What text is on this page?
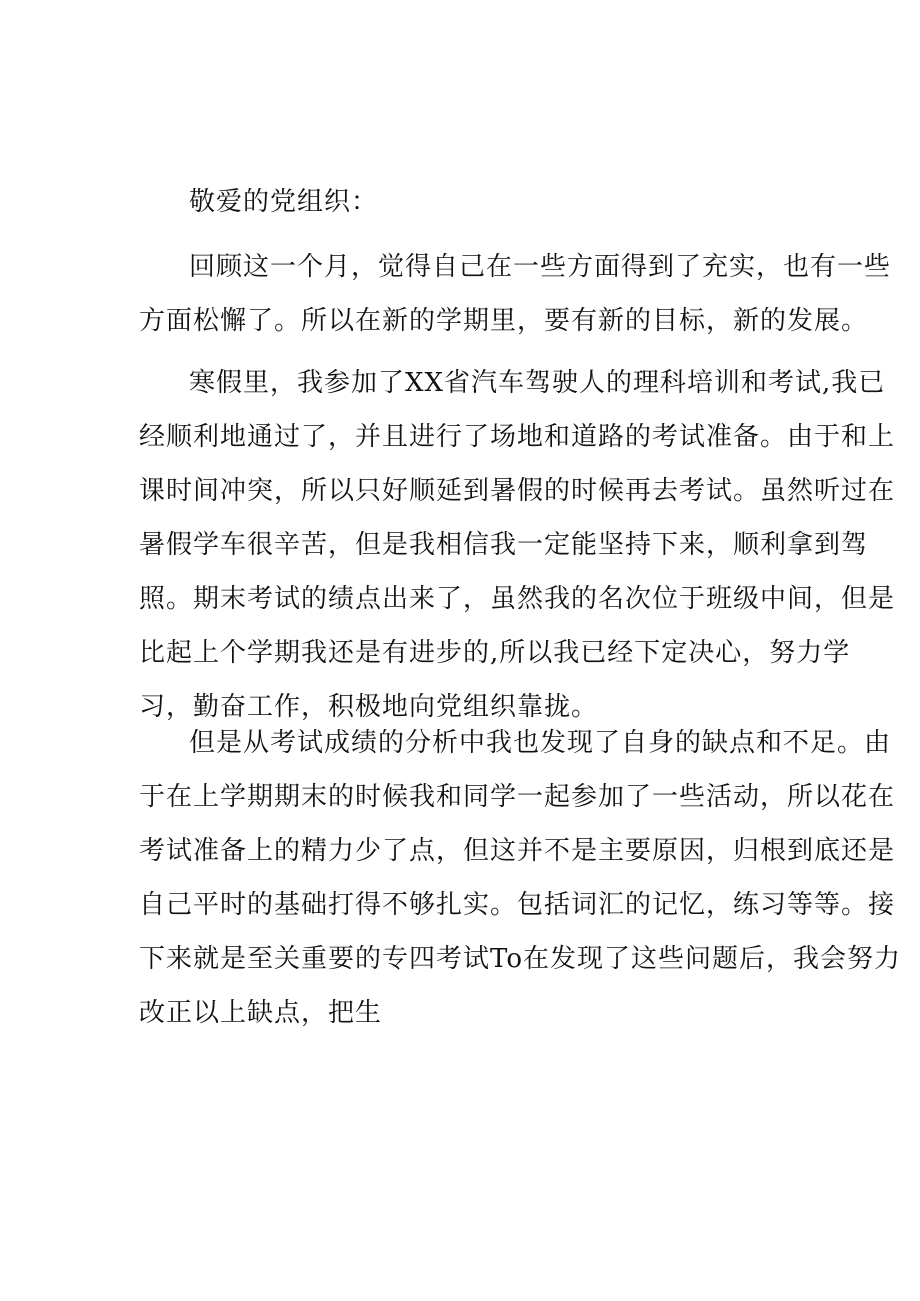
敬爱的党组织：
回顾这一个月，觉得自己在一些方面得到了充实，也有一些
方面松懈了。所以在新的学期里，要有新的目标，新的发展。
寒假里，我参加了XX省汽车驾驶人的理科培训和考试,我已
经顺利地通过了，并且进行了场地和道路的考试准备。由于和上
课时间冲突，所以只好顺延到暑假的时候再去考试。虽然听过在
暑假学车很辛苦，但是我相信我一定能坚持下来，顺利拿到驾
照。期末考试的绩点出来了，虽然我的名次位于班级中间，但是
比起上个学期我还是有进步的,所以我已经下定决心，努力学
习，勤奋工作，积极地向党组织靠拢。
但是从考试成绩的分析中我也发现了自身的缺点和不足。由
于在上学期期末的时候我和同学一起参加了一些活动，所以花在
考试准备上的精力少了点，但这并不是主要原因，归根到底还是
自己平时的基础打得不够扎实。包括词汇的记忆，练习等等。接
下来就是至关重要的专四考试To在发现了这些问题后，我会努力
改正以上缺点，把生
